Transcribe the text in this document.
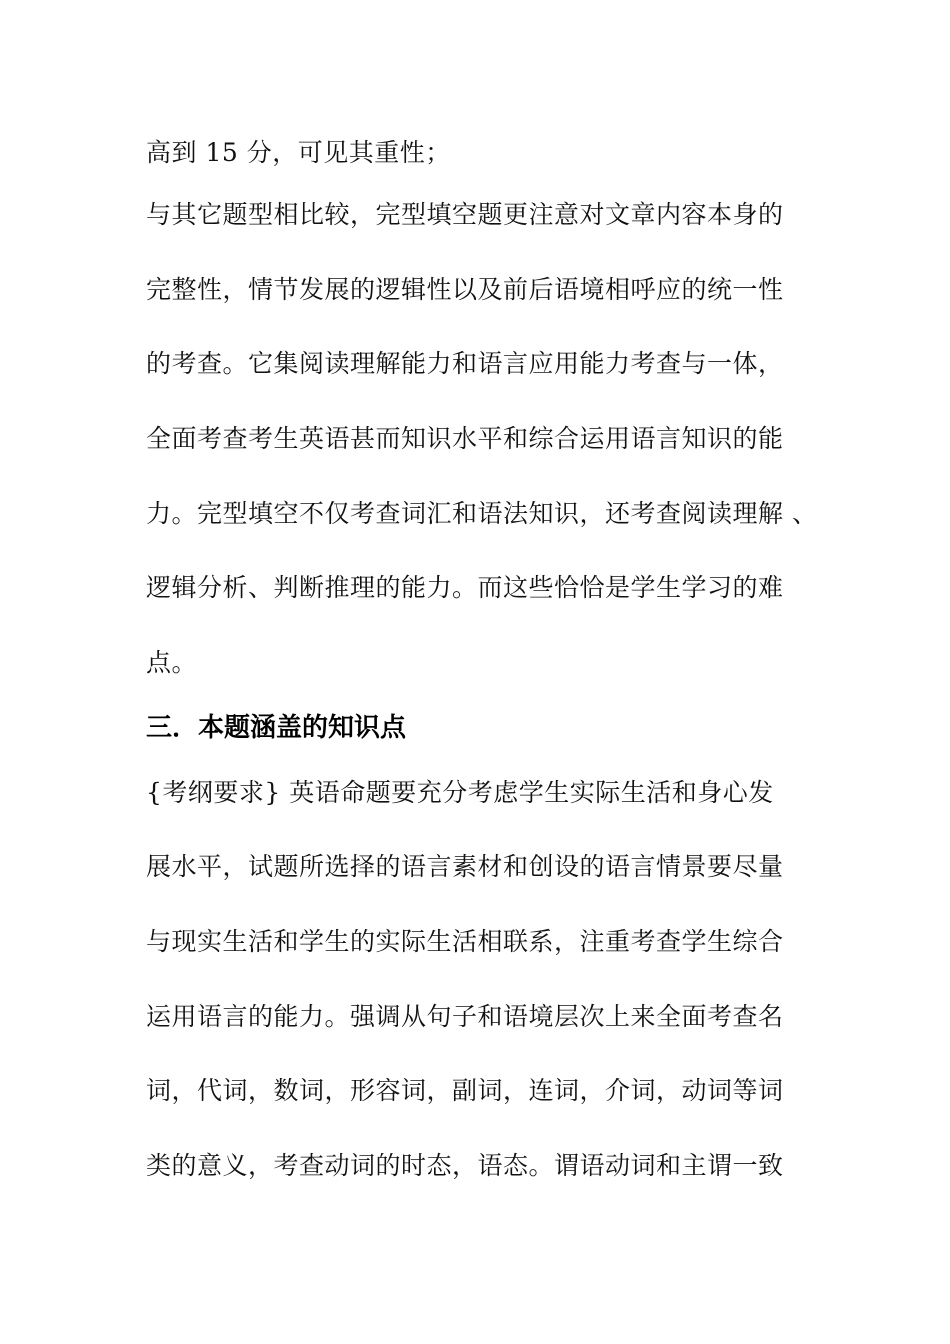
高到 15 分，可见其重性；
与其它题型相比较，完型填空题更注意对文章内容本身的
完整性，情节发展的逻辑性以及前后语境相呼应的统一性
的考查。它集阅读理解能力和语言应用能力考查与一体，
全面考查考生英语甚而知识水平和综合运用语言知识的能
力。完型填空不仅考查词汇和语法知识，还考查阅读理解 、
逻辑分析、判断推理的能力。而这些恰恰是学生学习的难
点。
三．本题涵盖的知识点
{考纲要求} 英语命题要充分考虑学生实际生活和身心发
展水平，试题所选择的语言素材和创设的语言情景要尽量
与现实生活和学生的实际生活相联系，注重考查学生综合
运用语言的能力。强调从句子和语境层次上来全面考查名
词，代词，数词，形容词，副词，连词，介词，动词等词
类的意义，考查动词的时态，语态。谓语动词和主谓一致
